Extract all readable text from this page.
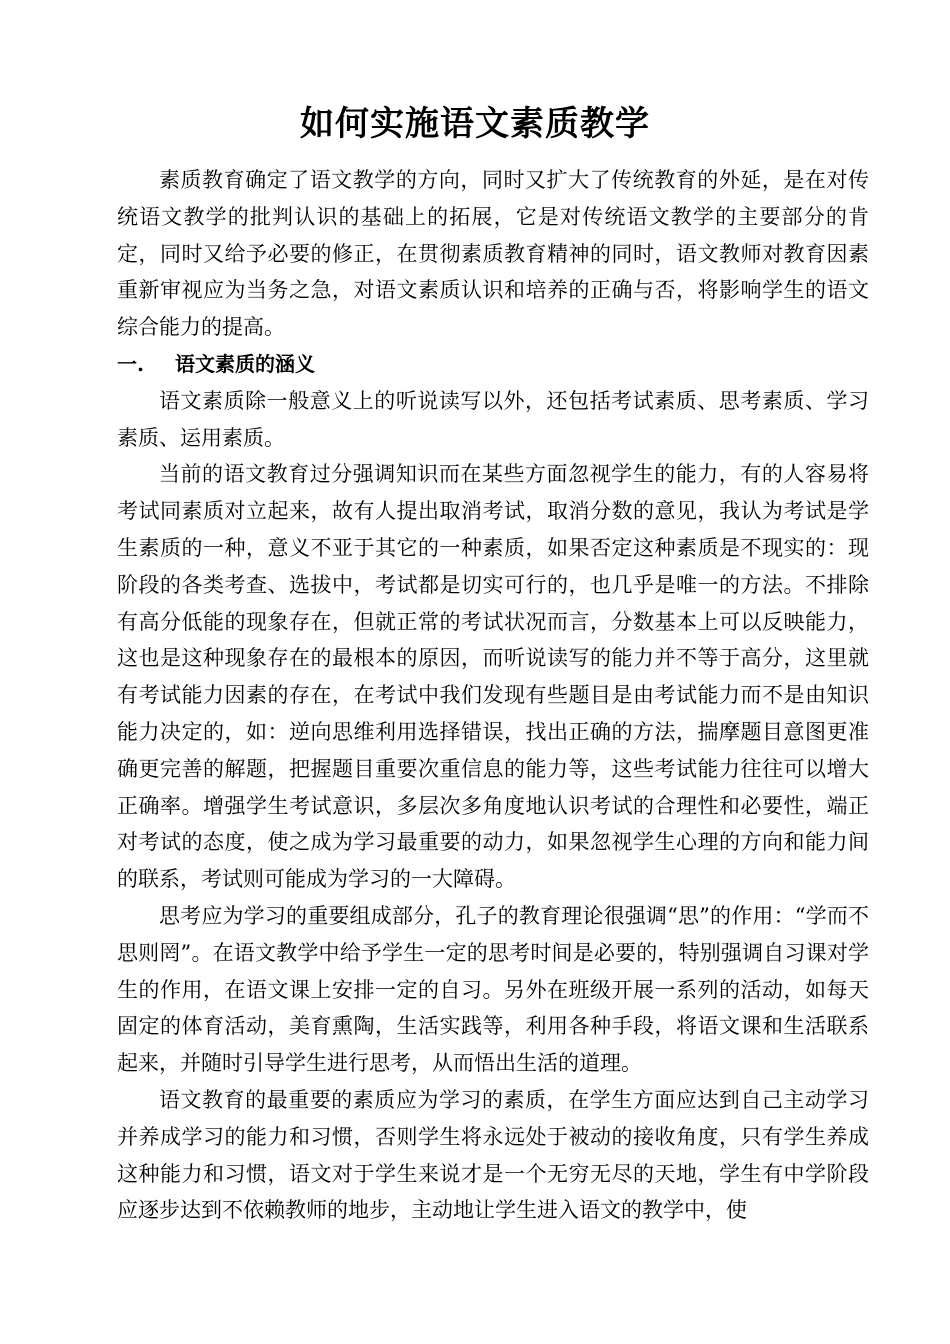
如何实施语文素质教学

素质教育确定了语文教学的方向，同时又扩大了传统教育的外延，是在对传统语文教学的批判认识的基础上的拓展，它是对传统语文教学的主要部分的肯定，同时又给予必要的修正，在贯彻素质教育精神的同时，语文教师对教育因素重新审视应为当务之急，对语文素质认识和培养的正确与否，将影响学生的语文综合能力的提高。

一.	语文素质的涵义

语文素质除一般意义上的听说读写以外，还包括考试素质、思考素质、学习素质、运用素质。

当前的语文教育过分强调知识而在某些方面忽视学生的能力，有的人容易将考试同素质对立起来，故有人提出取消考试，取消分数的意见，我认为考试是学生素质的一种，意义不亚于其它的一种素质，如果否定这种素质是不现实的：现阶段的各类考查、选拔中，考试都是切实可行的，也几乎是唯一的方法。不排除有高分低能的现象存在，但就正常的考试状况而言，分数基本上可以反映能力，这也是这种现象存在的最根本的原因，而听说读写的能力并不等于高分，这里就有考试能力因素的存在，在考试中我们发现有些题目是由考试能力而不是由知识能力决定的，如：逆向思维利用选择错误，找出正确的方法，揣摩题目意图更准确更完善的解题，把握题目重要次重信息的能力等，这些考试能力往往可以增大正确率。增强学生考试意识，多层次多角度地认识考试的合理性和必要性，端正对考试的态度，使之成为学习最重要的动力，如果忽视学生心理的方向和能力间的联系，考试则可能成为学习的一大障碍。

思考应为学习的重要组成部分，孔子的教育理论很强调“思”的作用：“学而不思则罔”。在语文教学中给予学生一定的思考时间是必要的，特别强调自习课对学生的作用，在语文课上安排一定的自习。另外在班级开展一系列的活动，如每天固定的体育活动，美育熏陶，生活实践等，利用各种手段，将语文课和生活联系起来，并随时引导学生进行思考，从而悟出生活的道理。

语文教育的最重要的素质应为学习的素质，在学生方面应达到自己主动学习并养成学习的能力和习惯，否则学生将永远处于被动的接收角度，只有学生养成这种能力和习惯，语文对于学生来说才是一个无穷无尽的天地，学生有中学阶段应逐步达到不依赖教师的地步，主动地让学生进入语文的教学中，使
